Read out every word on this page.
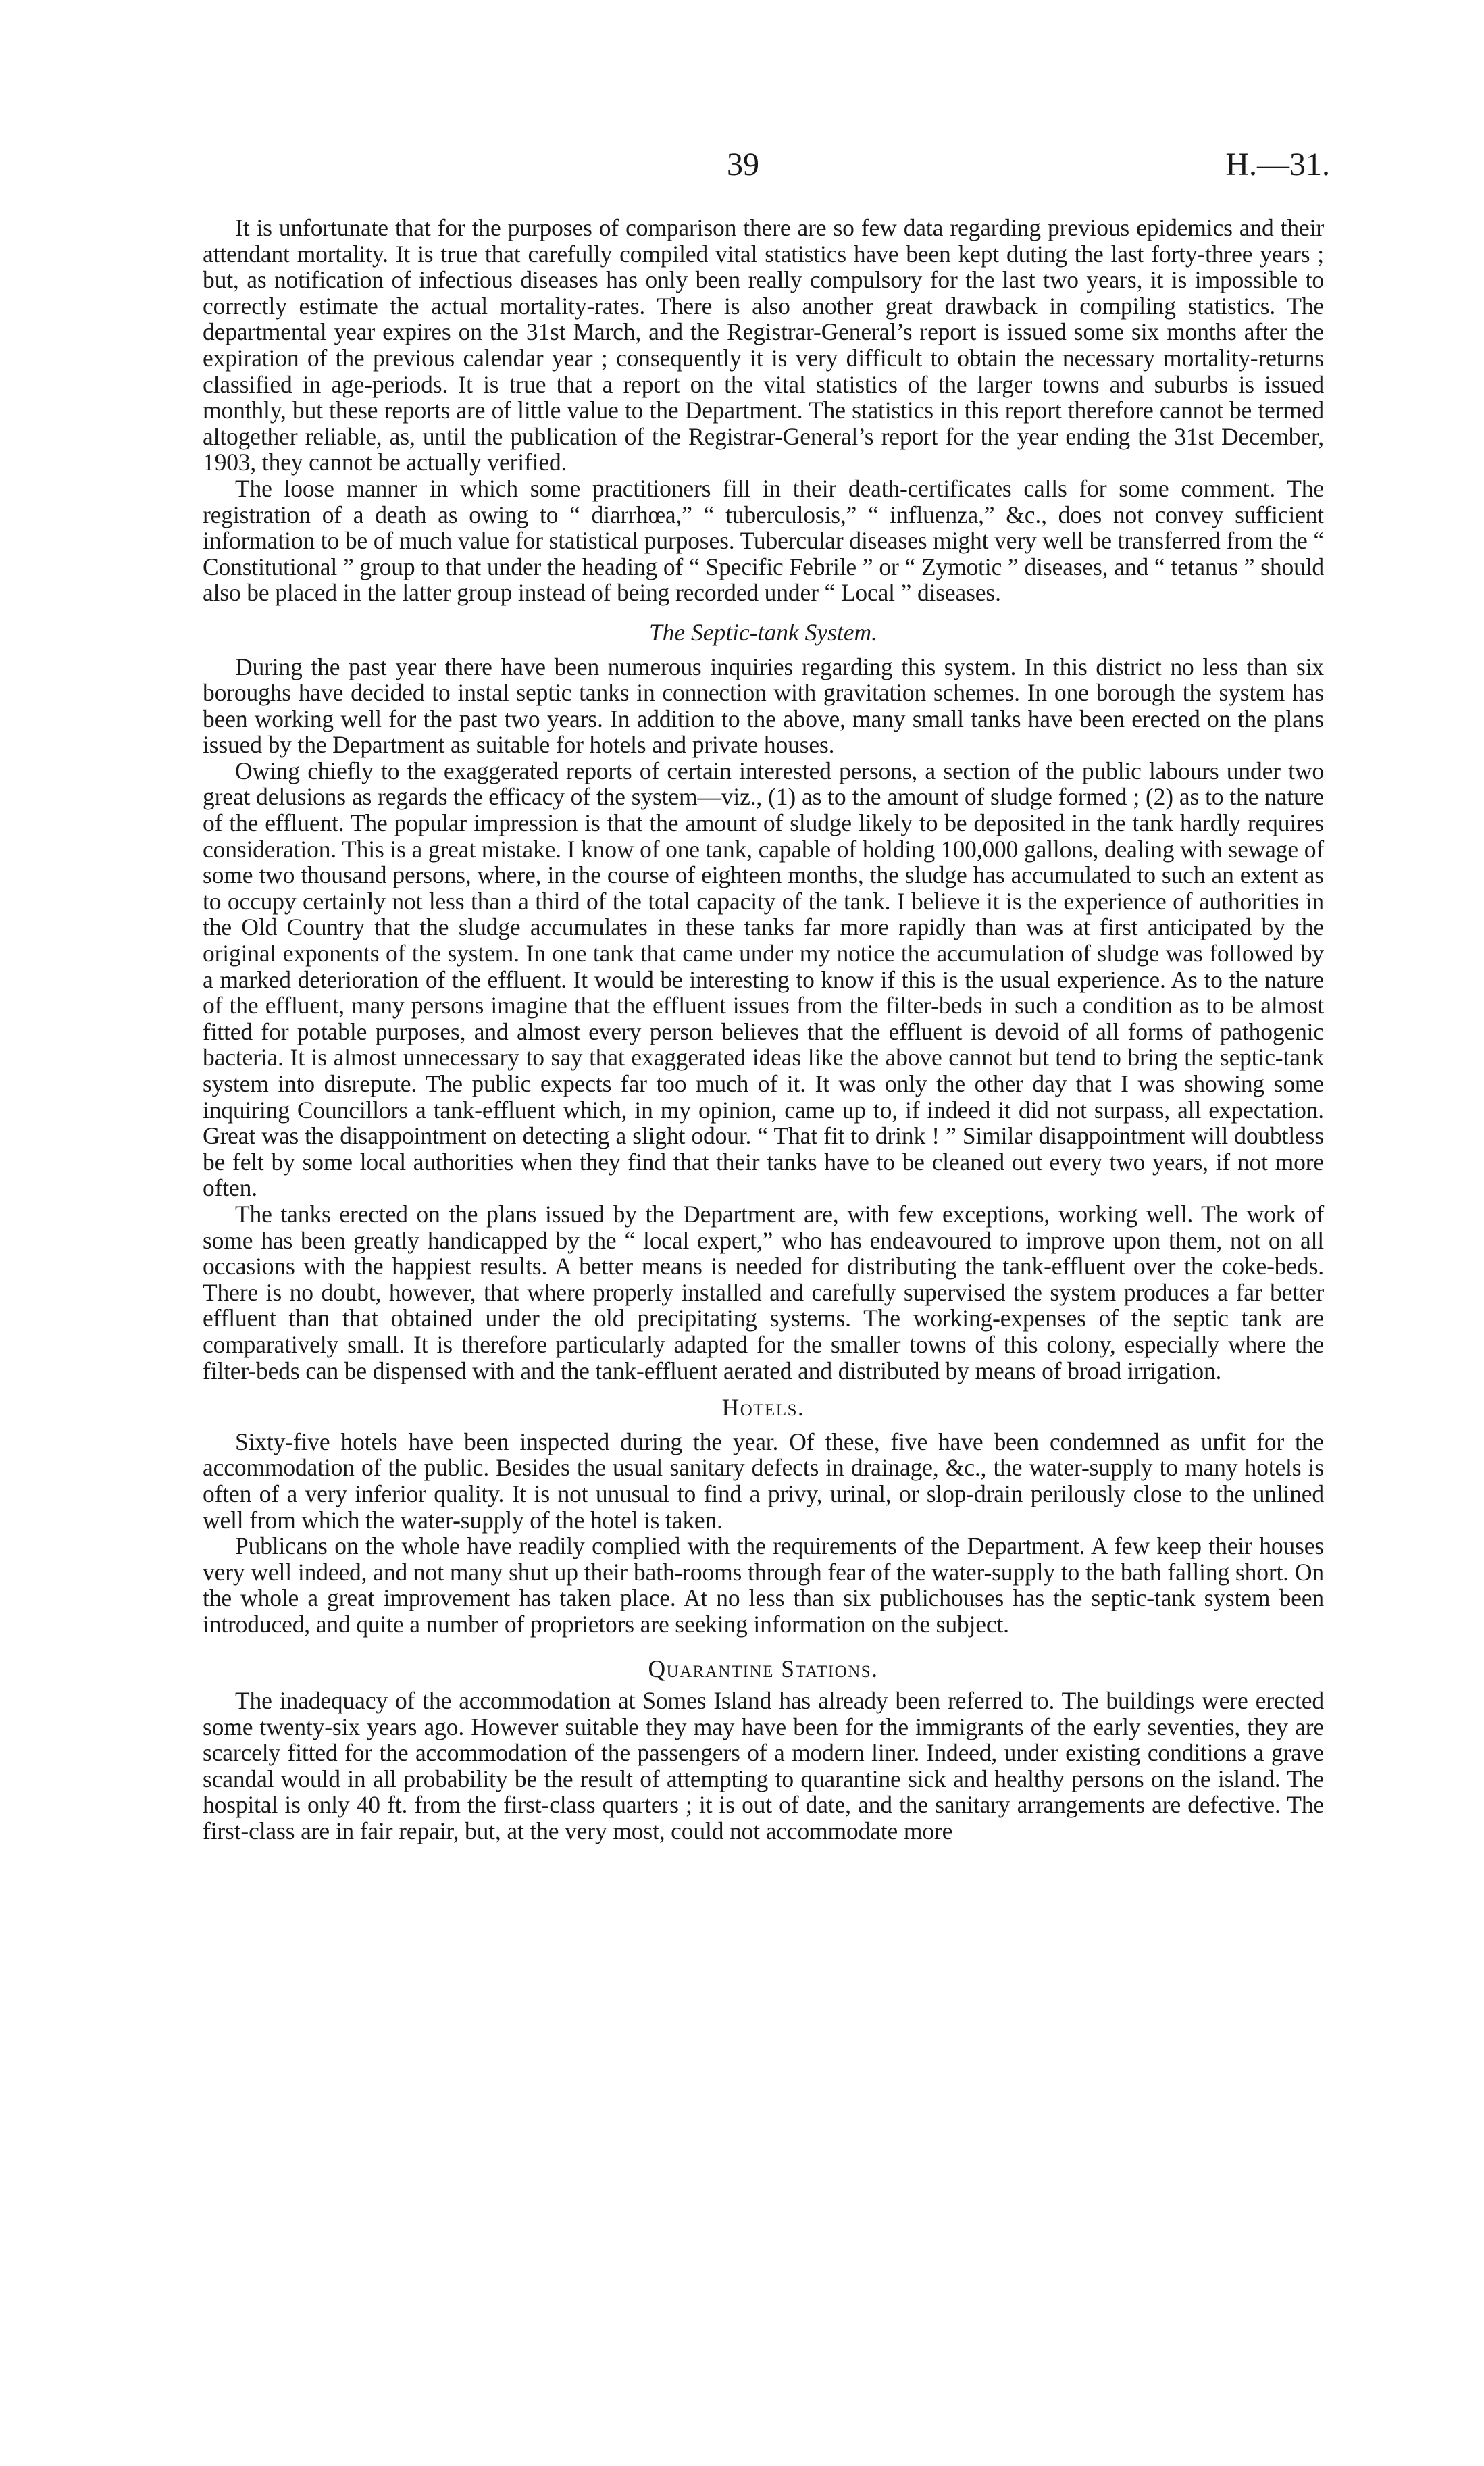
39	H.—31.

It is unfortunate that for the purposes of comparison there are so few data regarding previous epidemics and their attendant mortality. It is true that carefully compiled vital statistics have been kept duting the last forty-three years ; but, as notification of infectious diseases has only been really compulsory for the last two years, it is impossible to correctly estimate the actual mortality-rates. There is also another great drawback in compiling statistics. The departmental year expires on the 31st March, and the Registrar-General’s report is issued some six months after the expiration of the previous calendar year ; consequently it is very difficult to obtain the necessary mortality-returns classified in age-periods. It is true that a report on the vital statistics of the larger towns and suburbs is issued monthly, but these reports are of little value to the Department. The statistics in this report therefore cannot be termed altogether reliable, as, until the publication of the Registrar-General’s report for the year ending the 31st December, 1903, they cannot be actually verified.

The loose manner in which some practitioners fill in their death-certificates calls for some comment. The registration of a death as owing to “ diarrhœa,” “ tuberculosis,” “ influenza,” &c., does not convey sufficient information to be of much value for statistical purposes. Tubercular diseases might very well be transferred from the “ Constitutional ” group to that under the heading of “ Specific Febrile ” or “ Zymotic ” diseases, and “ tetanus ” should also be placed in the latter group instead of being recorded under “ Local ” diseases.

The Septic-tank System.

During the past year there have been numerous inquiries regarding this system. In this district no less than six boroughs have decided to instal septic tanks in connection with gravitation schemes. In one borough the system has been working well for the past two years. In addition to the above, many small tanks have been erected on the plans issued by the Department as suitable for hotels and private houses.

Owing chiefly to the exaggerated reports of certain interested persons, a section of the public labours under two great delusions as regards the efficacy of the system—viz., (1) as to the amount of sludge formed ; (2) as to the nature of the effluent. The popular impression is that the amount of sludge likely to be deposited in the tank hardly requires consideration. This is a great mistake. I know of one tank, capable of holding 100,000 gallons, dealing with sewage of some two thousand persons, where, in the course of eighteen months, the sludge has accumulated to such an extent as to occupy certainly not less than a third of the total capacity of the tank. I believe it is the experience of authorities in the Old Country that the sludge accumulates in these tanks far more rapidly than was at first anticipated by the original exponents of the system. In one tank that came under my notice the accumulation of sludge was followed by a marked deterioration of the effluent. It would be interesting to know if this is the usual experience. As to the nature of the effluent, many persons imagine that the effluent issues from the filter-beds in such a condition as to be almost fitted for potable purposes, and almost every person believes that the effluent is devoid of all forms of pathogenic bacteria. It is almost unnecessary to say that exaggerated ideas like the above cannot but tend to bring the septic-tank system into disrepute. The public expects far too much of it. It was only the other day that I was showing some inquiring Councillors a tank-effluent which, in my opinion, came up to, if indeed it did not surpass, all expectation. Great was the disappointment on detecting a slight odour. “ That fit to drink ! ” Similar disappointment will doubtless be felt by some local authorities when they find that their tanks have to be cleaned out every two years, if not more often.

The tanks erected on the plans issued by the Department are, with few exceptions, working well. The work of some has been greatly handicapped by the “ local expert,” who has endeavoured to improve upon them, not on all occasions with the happiest results. A better means is needed for distributing the tank-effluent over the coke-beds. There is no doubt, however, that where properly installed and carefully supervised the system produces a far better effluent than that obtained under the old precipitating systems. The working-expenses of the septic tank are comparatively small. It is therefore particularly adapted for the smaller towns of this colony, especially where the filter-beds can be dispensed with and the tank-effluent aerated and distributed by means of broad irrigation.

Hotels.

Sixty-five hotels have been inspected during the year. Of these, five have been condemned as unfit for the accommodation of the public. Besides the usual sanitary defects in drainage, &c., the water-supply to many hotels is often of a very inferior quality. It is not unusual to find a privy, urinal, or slop-drain perilously close to the unlined well from which the water-supply of the hotel is taken.

Publicans on the whole have readily complied with the requirements of the Department. A few keep their houses very well indeed, and not many shut up their bath-rooms through fear of the water-supply to the bath falling short. On the whole a great improvement has taken place. At no less than six publichouses has the septic-tank system been introduced, and quite a number of proprietors are seeking information on the subject.

Quarantine Stations.

The inadequacy of the accommodation at Somes Island has already been referred to. The buildings were erected some twenty-six years ago. However suitable they may have been for the immigrants of the early seventies, they are scarcely fitted for the accommodation of the passengers of a modern liner. Indeed, under existing conditions a grave scandal would in all probability be the result of attempting to quarantine sick and healthy persons on the island. The hospital is only 40 ft. from the first-class quarters ; it is out of date, and the sanitary arrangements are defective. The first-class are in fair repair, but, at the very most, could not accommodate more
